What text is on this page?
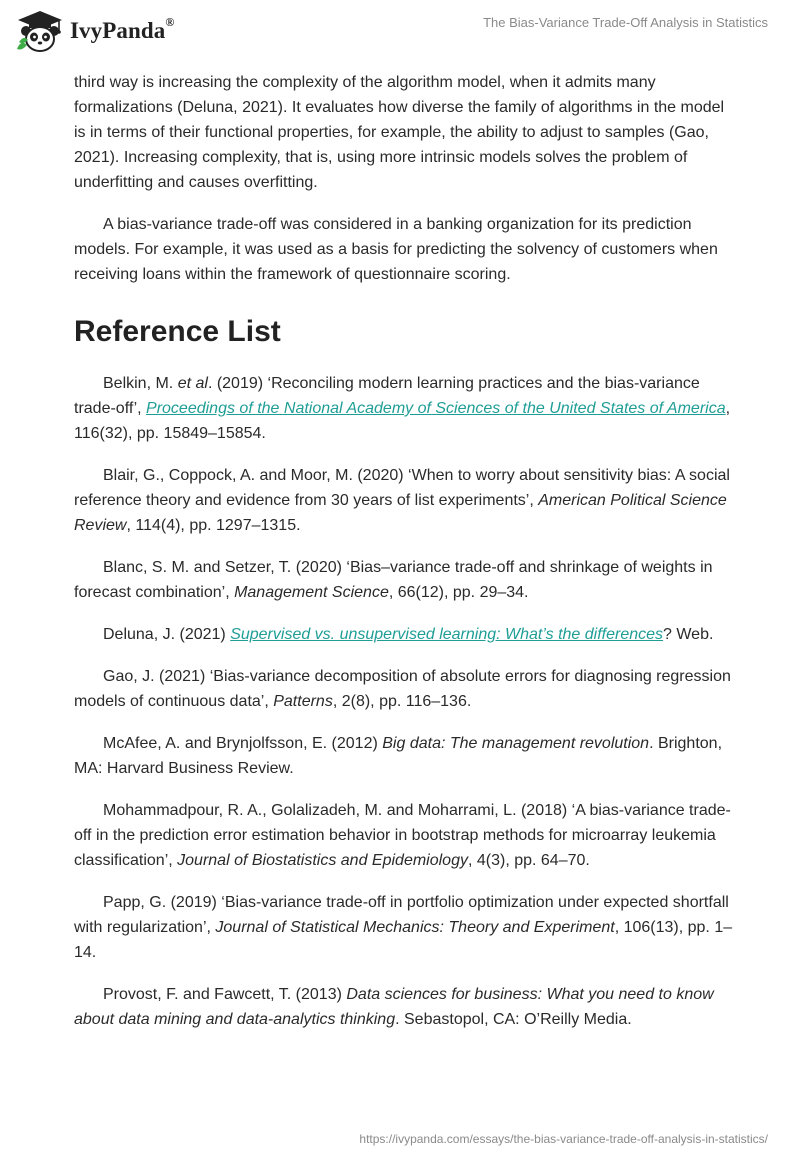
IvyPanda®	The Bias-Variance Trade-Off Analysis in Statistics

third way is increasing the complexity of the algorithm model, when it admits many formalizations (Deluna, 2021). It evaluates how diverse the family of algorithms in the model is in terms of their functional properties, for example, the ability to adjust to samples (Gao, 2021). Increasing complexity, that is, using more intrinsic models solves the problem of underfitting and causes overfitting.

A bias-variance trade-off was considered in a banking organization for its prediction models. For example, it was used as a basis for predicting the solvency of customers when receiving loans within the framework of questionnaire scoring.

Reference List

Belkin, M. et al. (2019) ‘Reconciling modern learning practices and the bias-variance trade-off’, Proceedings of the National Academy of Sciences of the United States of America, 116(32), pp. 15849–15854.

Blair, G., Coppock, A. and Moor, M. (2020) ‘When to worry about sensitivity bias: A social reference theory and evidence from 30 years of list experiments’, American Political Science Review, 114(4), pp. 1297–1315.

Blanc, S. M. and Setzer, T. (2020) ‘Bias–variance trade-off and shrinkage of weights in forecast combination’, Management Science, 66(12), pp. 29–34.

Deluna, J. (2021) Supervised vs. unsupervised learning: What’s the differences? Web.

Gao, J. (2021) ‘Bias-variance decomposition of absolute errors for diagnosing regression models of continuous data’, Patterns, 2(8), pp. 116–136.

McAfee, A. and Brynjolfsson, E. (2012) Big data: The management revolution. Brighton, MA: Harvard Business Review.

Mohammadpour, R. A., Golalizadeh, M. and Moharrami, L. (2018) ‘A bias-variance trade-off in the prediction error estimation behavior in bootstrap methods for microarray leukemia classification’, Journal of Biostatistics and Epidemiology, 4(3), pp. 64–70.

Papp, G. (2019) ‘Bias-variance trade-off in portfolio optimization under expected shortfall with regularization’, Journal of Statistical Mechanics: Theory and Experiment, 106(13), pp. 1–14.

Provost, F. and Fawcett, T. (2013) Data sciences for business: What you need to know about data mining and data-analytics thinking. Sebastopol, CA: O’Reilly Media.

https://ivypanda.com/essays/the-bias-variance-trade-off-analysis-in-statistics/
